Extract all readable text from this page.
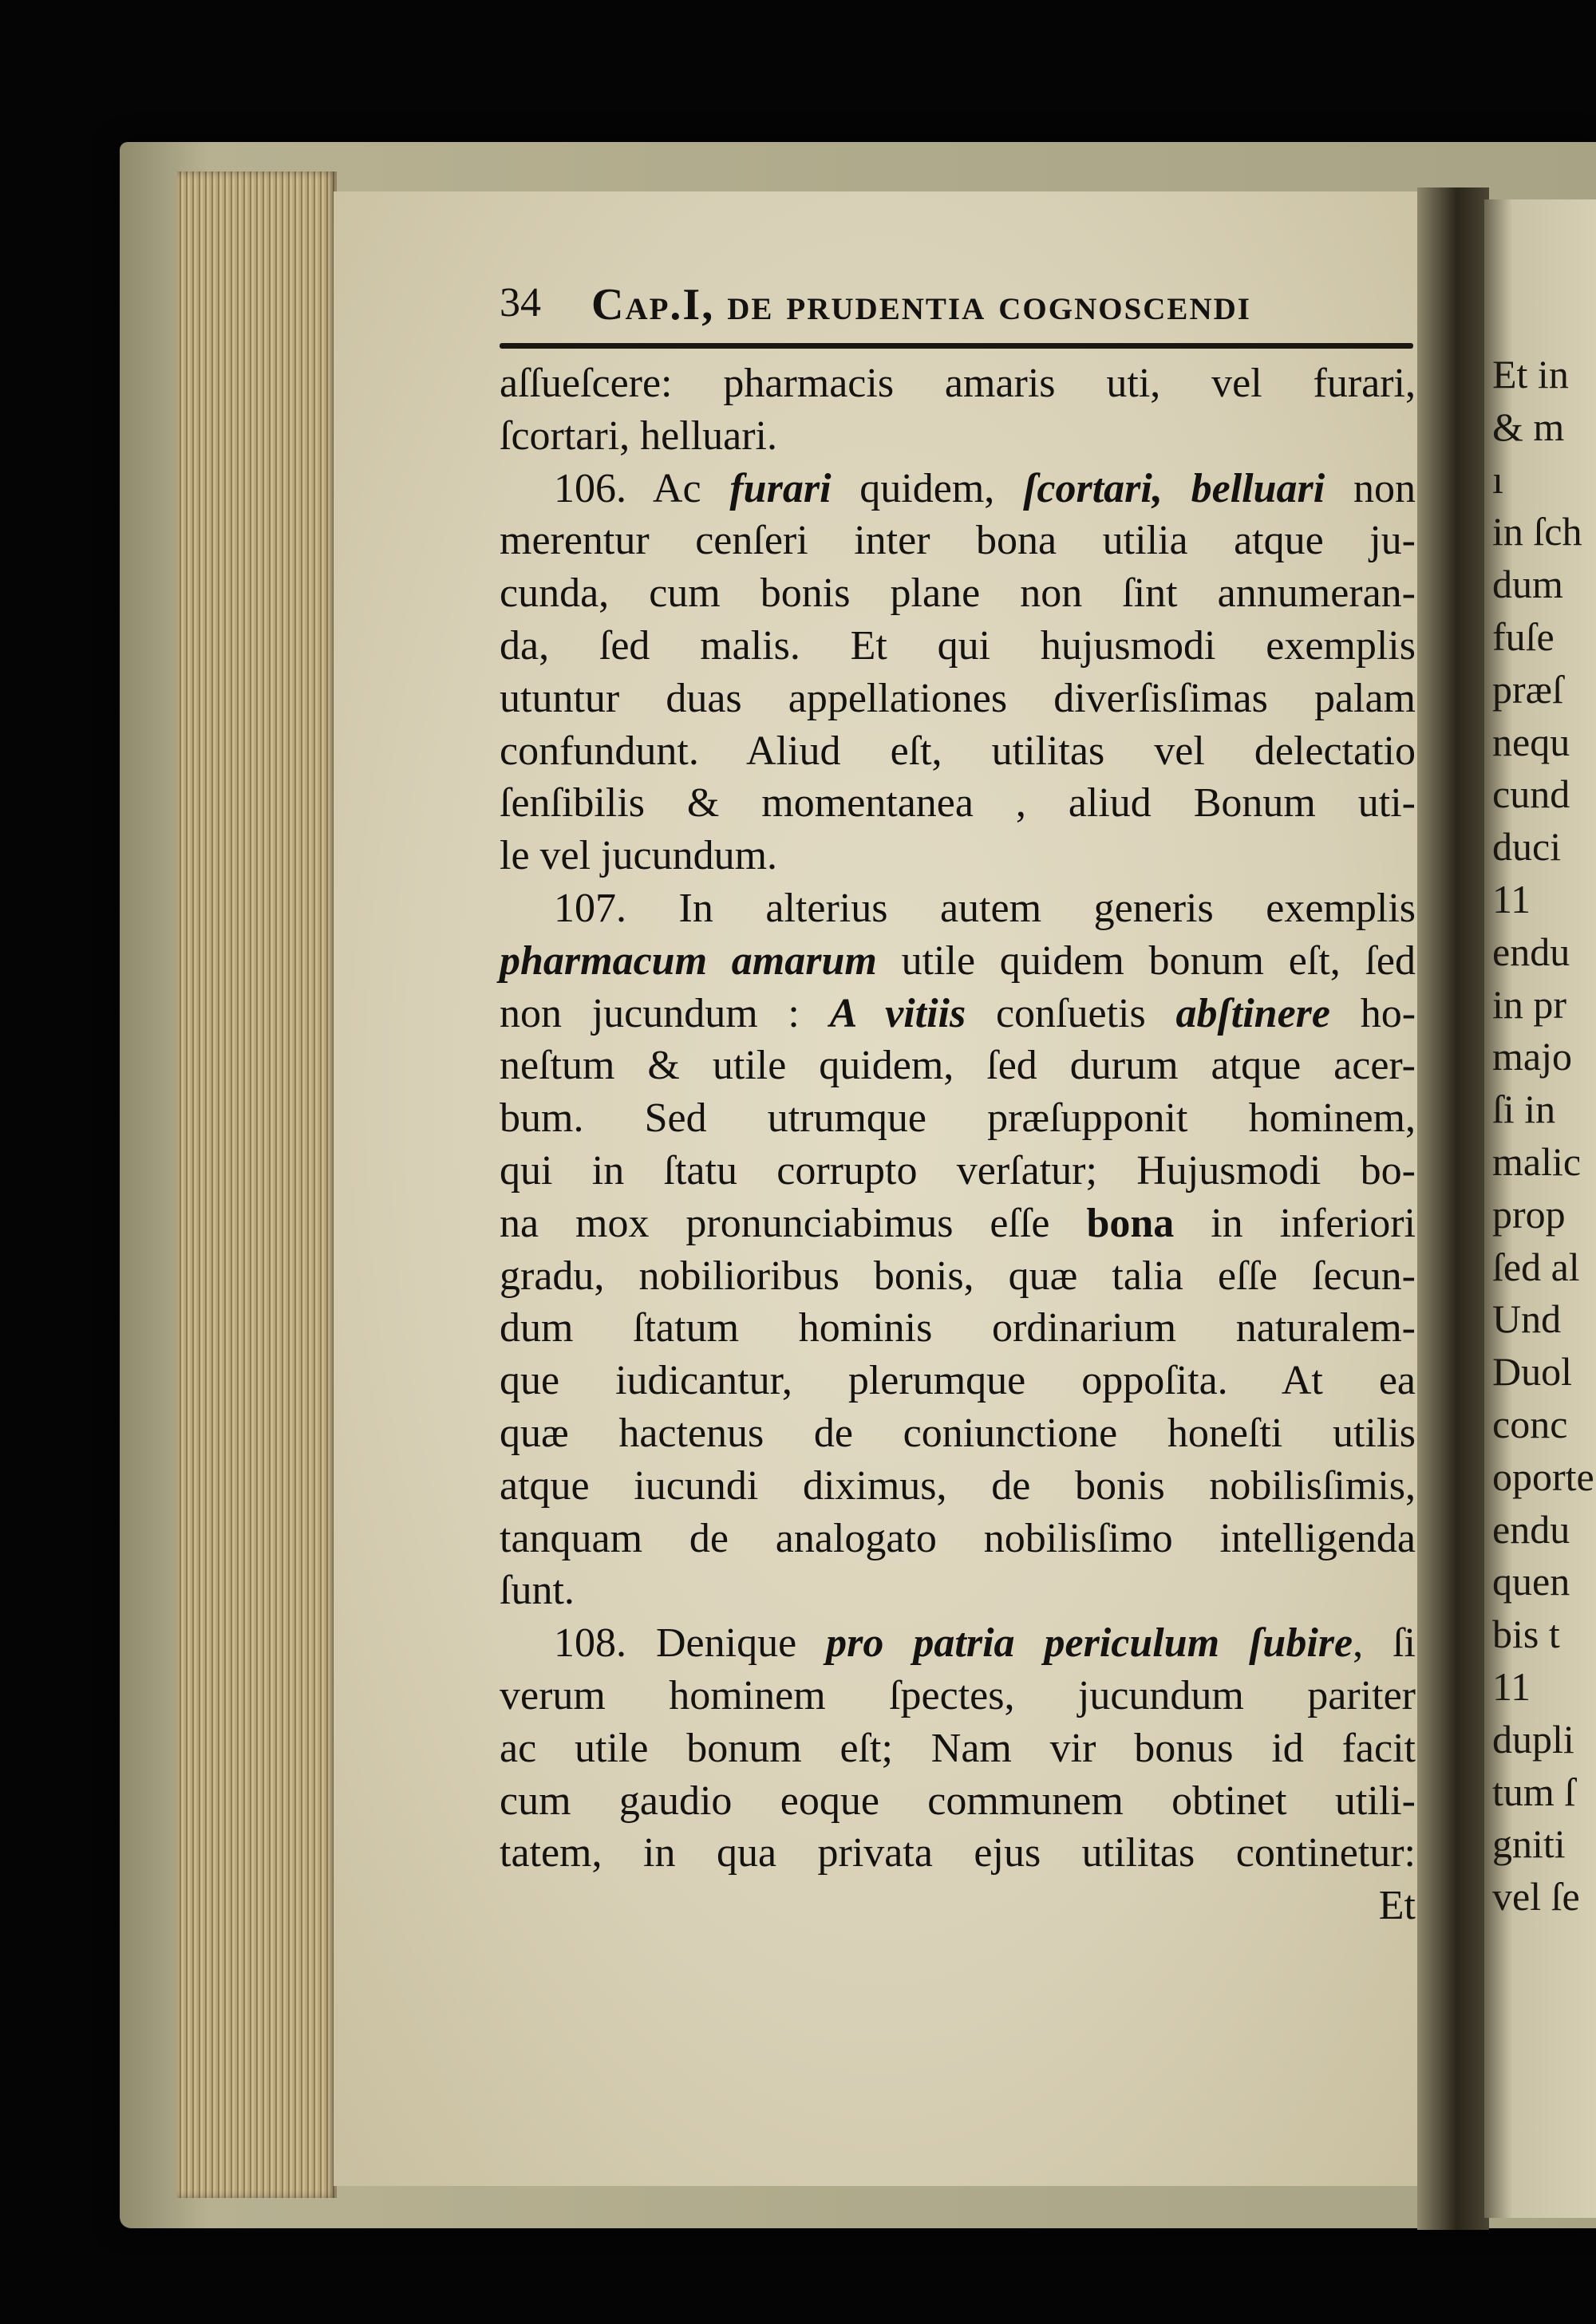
Et in
& m
ı
in ſch
dum
fuſe
præſ
nequ
cund
duci
11
endu
in pr
majo
ſi in
malic
prop
ſed al
Und
Duol
conc
oporte
endu
quen
bis t
11
dupli
tum ſ
gniti
vel ſe
34 Cap.I, de prudentia cognoscendi
aſſueſcere: pharmacis amaris uti, vel furari,
ſcortari, helluari.
106. Ac furari quidem, ſcortari, belluari non
merentur cenſeri inter bona utilia atque ju-
cunda, cum bonis plane non ſint annumeran-
da, ſed malis. Et qui hujusmodi exemplis
utuntur duas appellationes diverſisſimas palam
confundunt. Aliud eſt, utilitas vel delectatio
ſenſibilis & momentanea , aliud Bonum uti-
le vel jucundum.
107. In alterius autem generis exemplis
pharmacum amarum utile quidem bonum eſt, ſed
non jucundum : A vitiis conſuetis abſtinere ho-
neſtum & utile quidem, ſed durum atque acer-
bum. Sed utrumque præſupponit hominem,
qui in ſtatu corrupto verſatur; Hujusmodi bo-
na mox pronunciabimus eſſe bona in inferiori
gradu, nobilioribus bonis, quæ talia eſſe ſecun-
dum ſtatum hominis ordinarium naturalem-
que iudicantur, plerumque oppoſita. At ea
quæ hactenus de coniunctione honeſti utilis
atque iucundi diximus, de bonis nobilisſimis,
tanquam de analogato nobilisſimo intelligenda
ſunt.
108. Denique pro patria periculum ſubire, ſi
verum hominem ſpectes, jucundum pariter
ac utile bonum eſt; Nam vir bonus id facit
cum gaudio eoque communem obtinet utili-
tatem, in qua privata ejus utilitas continetur:
Et
